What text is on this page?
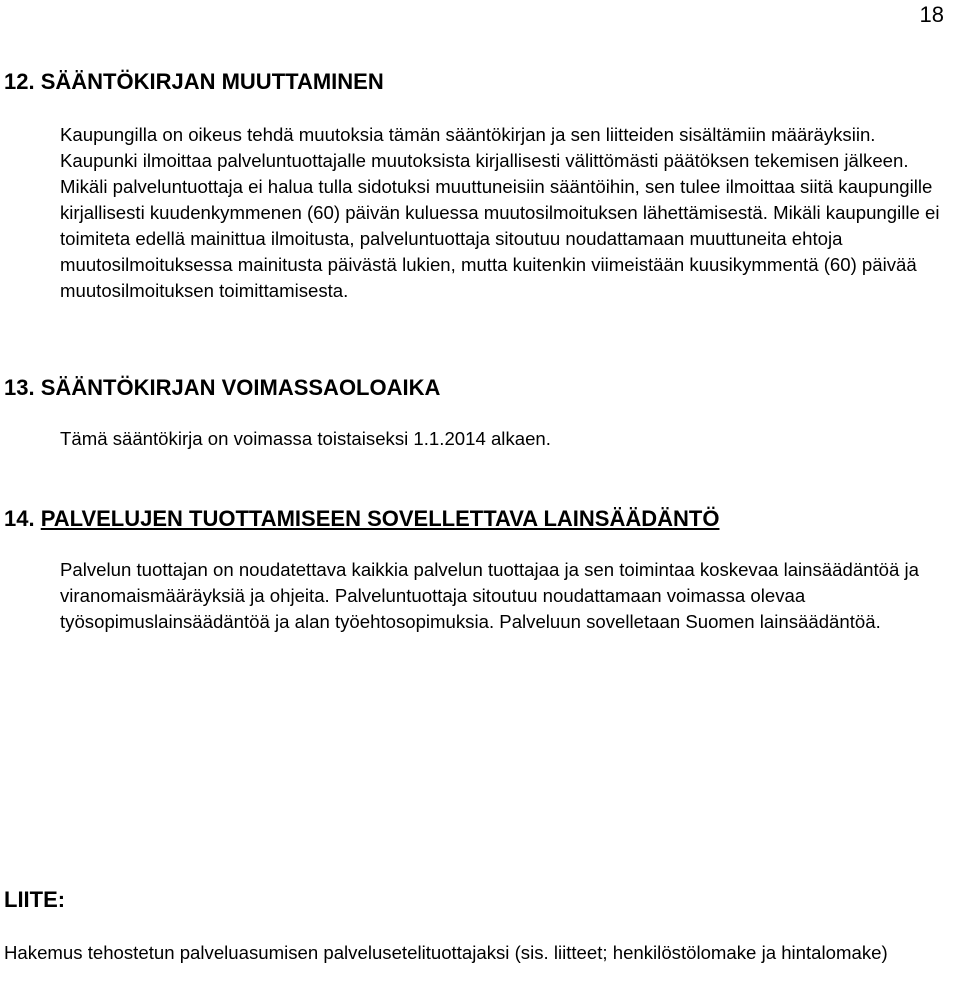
18
12. SÄÄNTÖKIRJAN MUUTTAMINEN
Kaupungilla on oikeus tehdä muutoksia tämän sääntökirjan ja sen liitteiden sisältämiin määräyksiin. Kaupunki ilmoittaa palveluntuottajalle muutoksista kirjallisesti välittömästi päätöksen tekemisen jälkeen. Mikäli palveluntuottaja ei halua tulla sidotuksi muuttuneisiin sääntöihin, sen tulee ilmoittaa siitä kaupungille kirjallisesti kuudenkymmenen (60) päivän kuluessa muutosilmoituksen lähettämisestä. Mikäli kaupungille ei toimiteta edellä mainittua ilmoitusta, palveluntuottaja sitoutuu noudattamaan muuttuneita ehtoja muutosilmoituksessa mainitusta päivästä lukien, mutta kuitenkin viimeistään kuusikymmentä (60) päivää muutosilmoituksen toimittamisesta.
13. SÄÄNTÖKIRJAN VOIMASSAOLOAIKA
Tämä sääntökirja on voimassa toistaiseksi 1.1.2014 alkaen.
14. PALVELUJEN TUOTTAMISEEN SOVELLETTAVA LAINSÄÄDÄNTÖ
Palvelun tuottajan on noudatettava kaikkia palvelun tuottajaa ja sen toimintaa koskevaa lainsäädäntöä ja viranomaismääräyksiä ja ohjeita. Palveluntuottaja sitoutuu noudattamaan voimassa olevaa työsopimuslainsäädäntöä ja alan työehtosopimuksia. Palveluun sovelletaan Suomen lainsäädäntöä.
LIITE:
Hakemus tehostetun palveluasumisen palvelusetelituottajaksi (sis. liitteet; henkilöstölomake ja hintalomake)
